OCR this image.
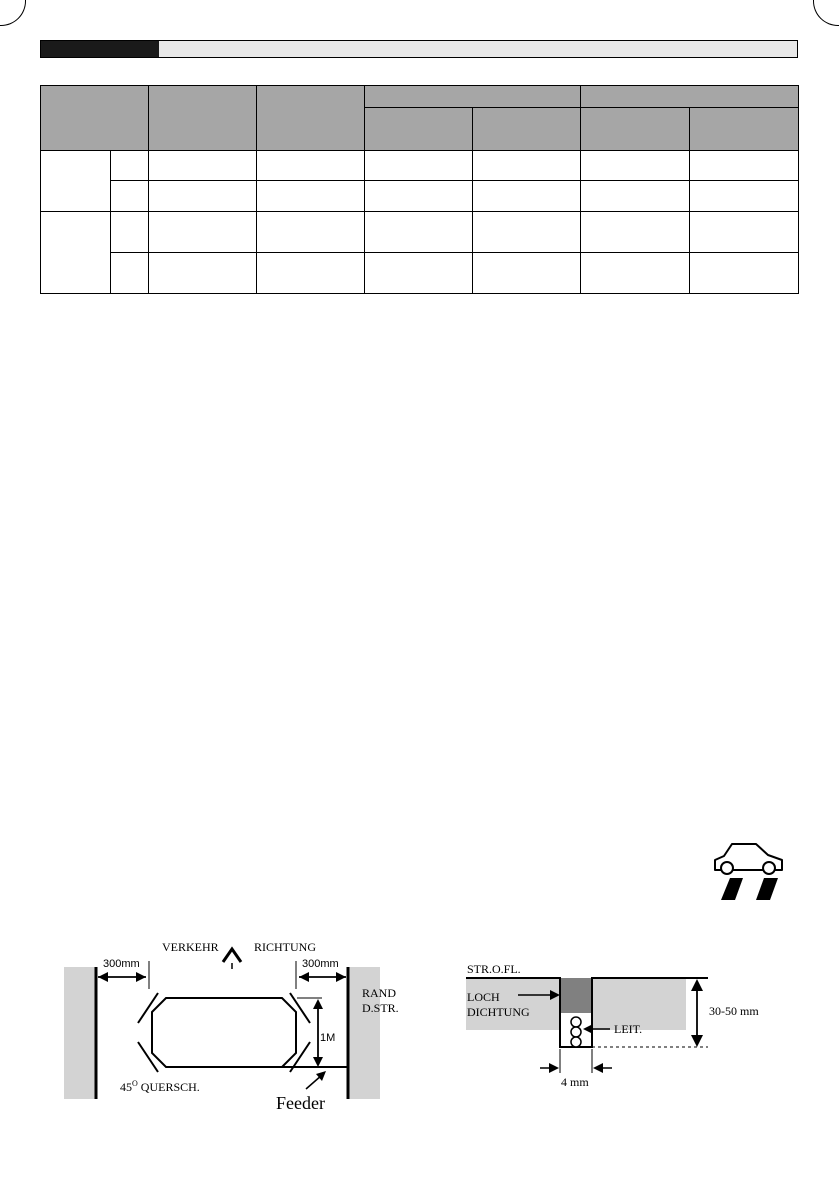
300mm	300mm
VERKEHR	RICHTUNG
1M
RAND
D.STR.
$45^O$ QUERSCH.
Feeder
STR.O.FL.
LOCH
DICHTUNG
LEIT.
30-50 mm
4 mm
